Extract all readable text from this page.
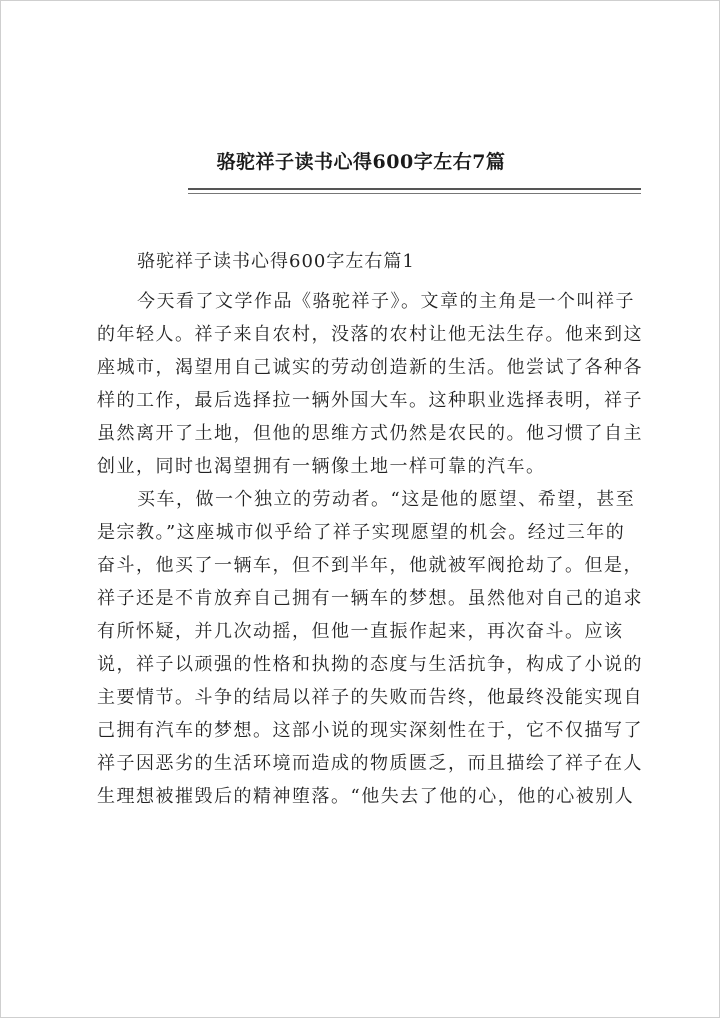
骆驼祥子读书心得600字左右7篇
骆驼祥子读书心得600字左右篇1
今天看了文学作品《骆驼祥子》。文章的主角是一个叫祥子
的年轻人。祥子来自农村，没落的农村让他无法生存。他来到这
座城市，渴望用自己诚实的劳动创造新的生活。他尝试了各种各
样的工作，最后选择拉一辆外国大车。这种职业选择表明，祥子
虽然离开了土地，但他的思维方式仍然是农民的。他习惯了自主
创业，同时也渴望拥有一辆像土地一样可靠的汽车。
买车，做一个独立的劳动者。“这是他的愿望、希望，甚至
是宗教。”这座城市似乎给了祥子实现愿望的机会。经过三年的
奋斗，他买了一辆车，但不到半年，他就被军阀抢劫了。但是，
祥子还是不肯放弃自己拥有一辆车的梦想。虽然他对自己的追求
有所怀疑，并几次动摇，但他一直振作起来，再次奋斗。应该
说，祥子以顽强的性格和执拗的态度与生活抗争，构成了小说的
主要情节。斗争的结局以祥子的失败而告终，他最终没能实现自
己拥有汽车的梦想。这部小说的现实深刻性在于，它不仅描写了
祥子因恶劣的生活环境而造成的物质匮乏，而且描绘了祥子在人
生理想被摧毁后的精神堕落。“他失去了他的心，他的心被别人
